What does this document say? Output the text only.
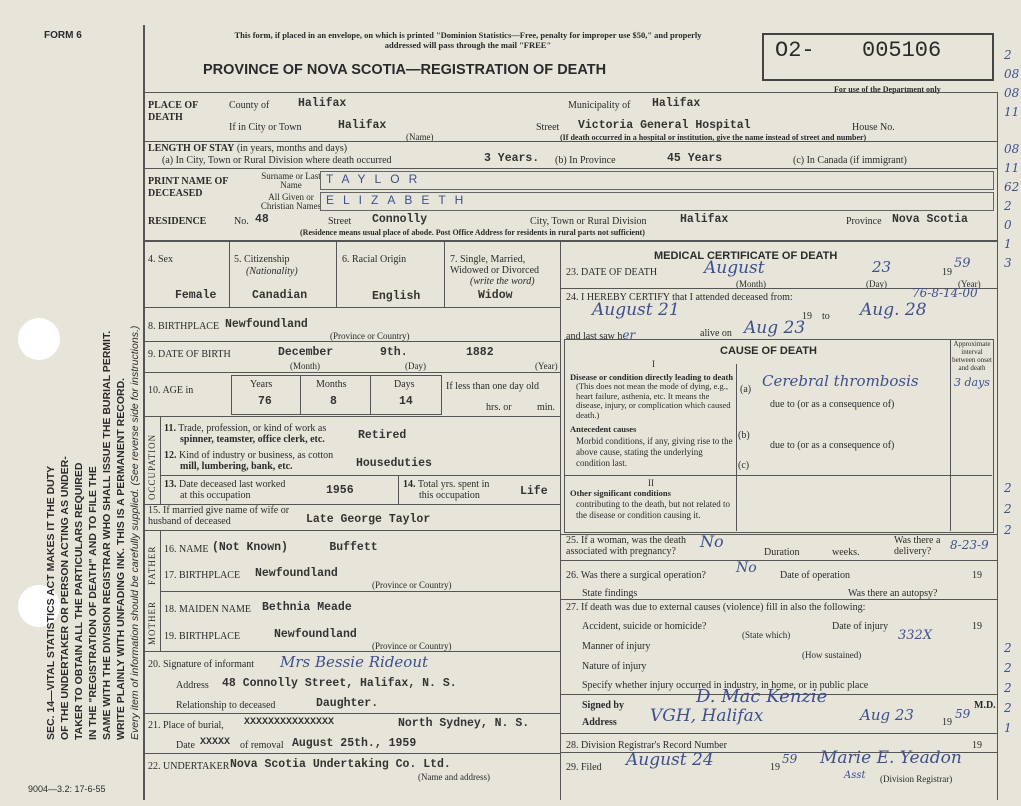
FORM 6
SEC. 14—VITAL STATISTICS ACT MAKES IT THE DUTY OF THE UNDERTAKER OR PERSON ACTING AS UNDER- TAKER TO OBTAIN ALL THE PARTICULARS REQUIRED IN THE "REGISTRATION OF DEATH" AND TO FILE THE SAME WITH THE DIVISION REGISTRAR WHO SHALL ISSUE THE BURIAL PERMIT. WRITE PLAINLY WITH UNFADING INK. THIS IS A PERMANENT RECORD. Every item of information should be carefully supplied. (See reverse side for instructions.)
9004—3.2: 17-6-55
This form, if placed in an envelope, on which is printed "Dominion Statistics—Free, penalty for improper use $50," and properly addressed will pass through the mail "FREE"
PROVINCE OF NOVA SCOTIA—REGISTRATION OF DEATH
O2- 005106
For use of the Department only
PLACE OF DEATH
County of Halifax	Municipality of Halifax
If in City or Town	Halifax
(Name)
Street Victoria General Hospital	House No.
(If death occurred in a hospital or institution, give the name instead of street and number)
LENGTH OF STAY (in years, months and days)
(a) In City, Town or Rural Division where death occurred	3 Years. (b) In Province	45 Years	(c) In Canada (if immigrant)
PRINT NAME OF DECEASED
Surname or Last Name	TAYLOR
All Given or Christian Names ELIZABETH
RESIDENCE	No. 48	Street Connolly	City, Town or Rural Division	Halifax	Province Nova Scotia
(Residence means usual place of abode. Post Office Address for residents in rural parts not sufficient)
4. Sex	5. Citizenship
(Nationality)
6. Racial Origin	7. Single, Married, Widowed or Divorced
(write the word)
Female	Canadian	English	Widow
8. BIRTHPLACE Newfoundland
(Province or Country)
9. DATE OF BIRTH	December	9th.	1882
(Month)	(Day)	(Year)
10. AGE in
Years	Months	Days
76	8	14
If less than one day old
hrs. or	min.
OCCUPATION
11. Trade, profession, or kind of work as
spinner, teamster, office clerk, etc.	Retired
12. Kind of industry or business, as cotton
mill, lumbering, bank, etc.	Houseduties
13. Date deceased last worked
at this occupation	1956	14. Total yrs. spent in
this occupation	Life
15. If married give name of wife or husband of deceased	Late George Taylor
FATHER 16. NAME (Not Known)      Buffett
17. BIRTHPLACE Newfoundland
(Province or Country)
MOTHER 18. MAIDEN NAME Bethnia Meade
19. BIRTHPLACE	Newfoundland
(Province or Country)
20. Signature of informant Mrs Bessie Rideout
Address 48 Connolly Street, Halifax, N. S.
Relationship to deceased	Daughter.
21. Place of burial, XXXXXXXXXXXXXXX	North Sydney, N. S.
Date XXXXX of removal August 25th., 1959
22. UNDERTAKER Nova Scotia Undertaking Co. Ltd.
(Name and address)
MEDICAL CERTIFICATE OF DEATH
23. DATE OF DEATH	August	23	19
59
(Month)	(Day)	(Year)
24. I HEREBY CERTIFY that I attended deceased from:	76-8-14-00
August 21	19 to Aug. 28
and last saw her	alive on Aug 23
CAUSE OF DEATH
I
Approximate interval between onset and death
Disease or condition directly leading to death
(This does not mean the mode of dying, e.g., heart failure, asthenia, etc. It means the disease, injury, or complication which caused death.)
(a) Cerebral thrombosis	3 days
due to (or as a consequence of)
Antecedent causes
Morbid conditions, if any, giving rise to the above cause, stating the underlying condition last.
(b)
due to (or as a consequence of)
(c)
II
Other significant conditions
contributing to the death, but not related to the disease or condition causing it.
25. If a woman, was the death associated with pregnancy?
No
Duration	weeks.
Was there a delivery?	8-23-9
26. Was there a surgical operation? No Date of operation	19
State findings	Was there an autopsy?
27. If death was due to external causes (violence) fill in also the following:
Accident, suicide or homicide?
(State which)
Date of injury	19
Manner of injury
332X
(How sustained)
Nature of injury
Specify whether injury occurred in industry, in home, or in public place
Signed by	D. Mac Kenzie	M.D.
Address VGH, Halifax	Aug 23	19
59
28. Division Registrar's Record Number	19
29. Filed August 24	19
59 Marie E. Yeadon
Asst (Division Registrar)
2
08
08
11
08
11
62
2
0
1
3
2
2
2
2
2
2
2
1
